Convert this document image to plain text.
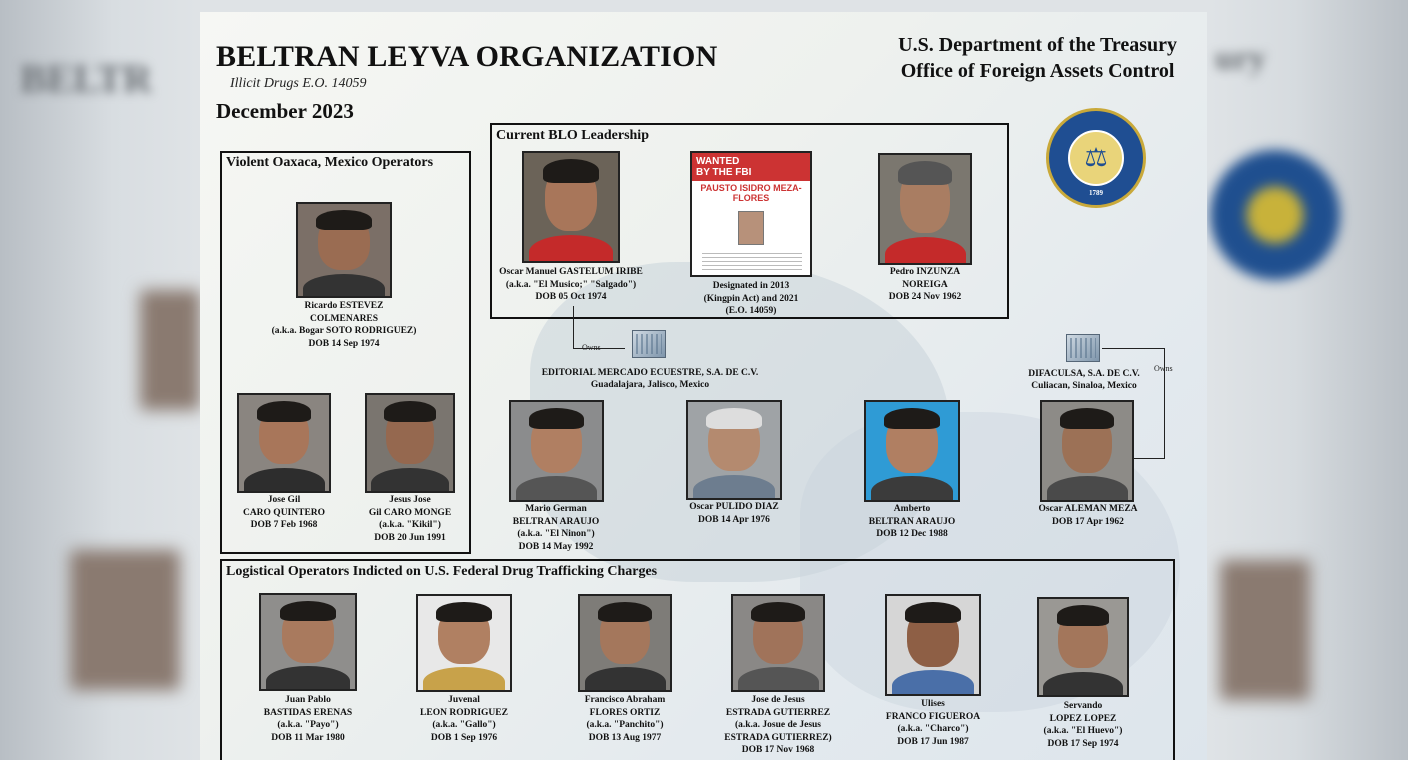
BELTR	ury
BELTRAN LEYVA ORGANIZATION
Illicit Drugs E.O. 14059
December 2023
U.S. Department of the Treasury
Office of Foreign Assets Control
⚖
1789
Current BLO Leadership
Oscar Manuel GASTELUM IRIBE
(a.k.a. "El Musico;" "Salgado")
DOB 05 Oct 1974
WANTED
BY THE FBI
PAUSTO ISIDRO MEZA-FLORES
Designated in 2013
(Kingpin Act) and 2021
(E.O. 14059)
Pedro INZUNZA
NOREIGA
DOB 24 Nov 1962
Violent Oaxaca, Mexico Operators
Ricardo ESTEVEZ
COLMENARES
(a.k.a. Bogar SOTO RODRIGUEZ)
DOB 14 Sep 1974
Jose Gil
CARO QUINTERO
DOB 7 Feb 1968
Jesus Jose
Gil CARO MONGE
(a.k.a. "Kikil")
DOB 20 Jun 1991
Owns
EDITORIAL MERCADO ECUESTRE, S.A. DE C.V.
Guadalajara, Jalisco, Mexico
Owns
DIFACULSA, S.A. DE C.V.
Culiacan, Sinaloa, Mexico
Mario German
BELTRAN ARAUJO
(a.k.a. "El Ninon")
DOB 14 May 1992
Oscar PULIDO DIAZ
DOB 14 Apr 1976
Amberto
BELTRAN ARAUJO
DOB 12 Dec 1988
Oscar ALEMAN MEZA
DOB 17 Apr 1962
Logistical Operators Indicted on U.S. Federal Drug Trafficking Charges
Juan Pablo
BASTIDAS ERENAS
(a.k.a. "Payo")
DOB 11 Mar 1980
Juvenal
LEON RODRIGUEZ
(a.k.a. "Gallo")
DOB 1 Sep 1976
Francisco Abraham
FLORES ORTIZ
(a.k.a. "Panchito")
DOB 13 Aug 1977
Jose de Jesus
ESTRADA GUTIERREZ
(a.k.a. Josue de Jesus
ESTRADA GUTIERREZ)
DOB 17 Nov 1968
Ulises
FRANCO FIGUEROA
(a.k.a. "Charco")
DOB 17 Jun 1987
Servando
LOPEZ LOPEZ
(a.k.a. "El Huevo")
DOB 17 Sep 1974
